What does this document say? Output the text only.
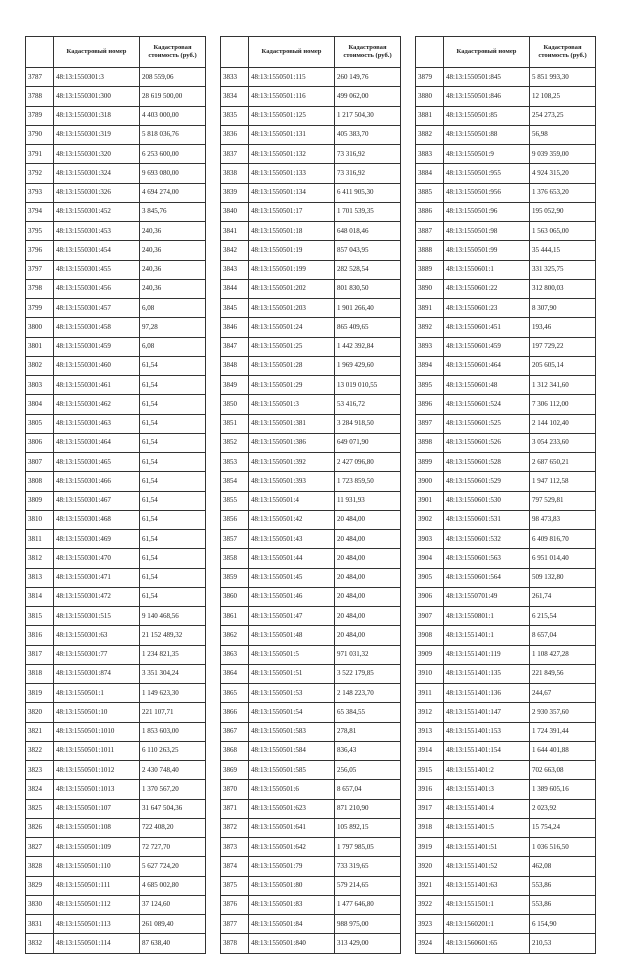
	Кадастровый номер	Кадастровая стоимость (руб.)
3787	48:13:1550301:3	208 559,06
3788	48:13:1550301:300	28 619 500,00
3789	48:13:1550301:318	4 403 000,00
3790	48:13:1550301:319	5 818 036,76
3791	48:13:1550301:320	6 253 600,00
3792	48:13:1550301:324	9 693 080,00
3793	48:13:1550301:326	4 694 274,00
3794	48:13:1550301:452	3 845,76
3795	48:13:1550301:453	240,36
3796	48:13:1550301:454	240,36
3797	48:13:1550301:455	240,36
3798	48:13:1550301:456	240,36
3799	48:13:1550301:457	6,08
3800	48:13:1550301:458	97,28
3801	48:13:1550301:459	6,08
3802	48:13:1550301:460	61,54
3803	48:13:1550301:461	61,54
3804	48:13:1550301:462	61,54
3805	48:13:1550301:463	61,54
3806	48:13:1550301:464	61,54
3807	48:13:1550301:465	61,54
3808	48:13:1550301:466	61,54
3809	48:13:1550301:467	61,54
3810	48:13:1550301:468	61,54
3811	48:13:1550301:469	61,54
3812	48:13:1550301:470	61,54
3813	48:13:1550301:471	61,54
3814	48:13:1550301:472	61,54
3815	48:13:1550301:515	9 140 468,56
3816	48:13:1550301:63	21 152 489,32
3817	48:13:1550301:77	1 234 821,35
3818	48:13:1550301:874	3 351 304,24
3819	48:13:1550501:1	1 149 623,30
3820	48:13:1550501:10	221 107,71
3821	48:13:1550501:1010	1 853 603,00
3822	48:13:1550501:1011	6 110 263,25
3823	48:13:1550501:1012	2 430 748,40
3824	48:13:1550501:1013	1 370 567,20
3825	48:13:1550501:107	31 647 504,36
3826	48:13:1550501:108	722 408,20
3827	48:13:1550501:109	72 727,70
3828	48:13:1550501:110	5 627 724,20
3829	48:13:1550501:111	4 685 002,80
3830	48:13:1550501:112	37 124,60
3831	48:13:1550501:113	261 089,40
3832	48:13:1550501:114	87 638,40
	Кадастровый номер	Кадастровая стоимость (руб.)
3833	48:13:1550501:115	260 149,76
3834	48:13:1550501:116	499 062,00
3835	48:13:1550501:125	1 217 504,30
3836	48:13:1550501:131	405 383,70
3837	48:13:1550501:132	73 316,92
3838	48:13:1550501:133	73 316,92
3839	48:13:1550501:134	6 411 905,30
3840	48:13:1550501:17	1 701 539,35
3841	48:13:1550501:18	648 018,46
3842	48:13:1550501:19	857 043,95
3843	48:13:1550501:199	282 528,54
3844	48:13:1550501:202	801 830,50
3845	48:13:1550501:203	1 901 266,40
3846	48:13:1550501:24	865 409,65
3847	48:13:1550501:25	1 442 392,84
3848	48:13:1550501:28	1 969 429,60
3849	48:13:1550501:29	13 019 010,55
3850	48:13:1550501:3	53 416,72
3851	48:13:1550501:381	3 284 918,50
3852	48:13:1550501:386	649 071,90
3853	48:13:1550501:392	2 427 096,80
3854	48:13:1550501:393	1 723 859,50
3855	48:13:1550501:4	11 931,93
3856	48:13:1550501:42	20 484,00
3857	48:13:1550501:43	20 484,00
3858	48:13:1550501:44	20 484,00
3859	48:13:1550501:45	20 484,00
3860	48:13:1550501:46	20 484,00
3861	48:13:1550501:47	20 484,00
3862	48:13:1550501:48	20 484,00
3863	48:13:1550501:5	971 031,32
3864	48:13:1550501:51	3 522 179,85
3865	48:13:1550501:53	2 148 223,70
3866	48:13:1550501:54	65 384,55
3867	48:13:1550501:583	278,81
3868	48:13:1550501:584	836,43
3869	48:13:1550501:585	256,05
3870	48:13:1550501:6	8 657,04
3871	48:13:1550501:623	871 210,90
3872	48:13:1550501:641	105 892,15
3873	48:13:1550501:642	1 797 985,05
3874	48:13:1550501:79	733 319,65
3875	48:13:1550501:80	579 214,65
3876	48:13:1550501:83	1 477 646,80
3877	48:13:1550501:84	988 975,00
3878	48:13:1550501:840	313 429,00
	Кадастровый номер	Кадастровая стоимость (руб.)
3879	48:13:1550501:845	5 851 993,30
3880	48:13:1550501:846	12 108,25
3881	48:13:1550501:85	254 273,25
3882	48:13:1550501:88	56,98
3883	48:13:1550501:9	9 039 359,00
3884	48:13:1550501:955	4 924 315,20
3885	48:13:1550501:956	1 376 653,20
3886	48:13:1550501:96	195 052,90
3887	48:13:1550501:98	1 563 065,00
3888	48:13:1550501:99	35 444,15
3889	48:13:1550601:1	331 325,75
3890	48:13:1550601:22	312 800,03
3891	48:13:1550601:23	8 307,90
3892	48:13:1550601:451	193,46
3893	48:13:1550601:459	197 729,22
3894	48:13:1550601:464	205 605,14
3895	48:13:1550601:48	1 312 341,60
3896	48:13:1550601:524	7 306 112,00
3897	48:13:1550601:525	2 144 102,40
3898	48:13:1550601:526	3 054 233,60
3899	48:13:1550601:528	2 687 650,21
3900	48:13:1550601:529	1 947 112,58
3901	48:13:1550601:530	797 529,81
3902	48:13:1550601:531	98 473,83
3903	48:13:1550601:532	6 409 816,70
3904	48:13:1550601:563	6 951 014,40
3905	48:13:1550601:564	509 132,80
3906	48:13:1550701:49	261,74
3907	48:13:1550801:1	6 215,54
3908	48:13:1551401:1	8 657,04
3909	48:13:1551401:119	1 108 427,28
3910	48:13:1551401:135	221 849,56
3911	48:13:1551401:136	244,67
3912	48:13:1551401:147	2 930 357,60
3913	48:13:1551401:153	1 724 391,44
3914	48:13:1551401:154	1 644 401,88
3915	48:13:1551401:2	702 663,08
3916	48:13:1551401:3	1 389 605,16
3917	48:13:1551401:4	2 023,92
3918	48:13:1551401:5	15 754,24
3919	48:13:1551401:51	1 036 516,50
3920	48:13:1551401:52	462,08
3921	48:13:1551401:63	553,86
3922	48:13:1551501:1	553,86
3923	48:13:1560201:1	6 154,90
3924	48:13:1560601:65	210,53
